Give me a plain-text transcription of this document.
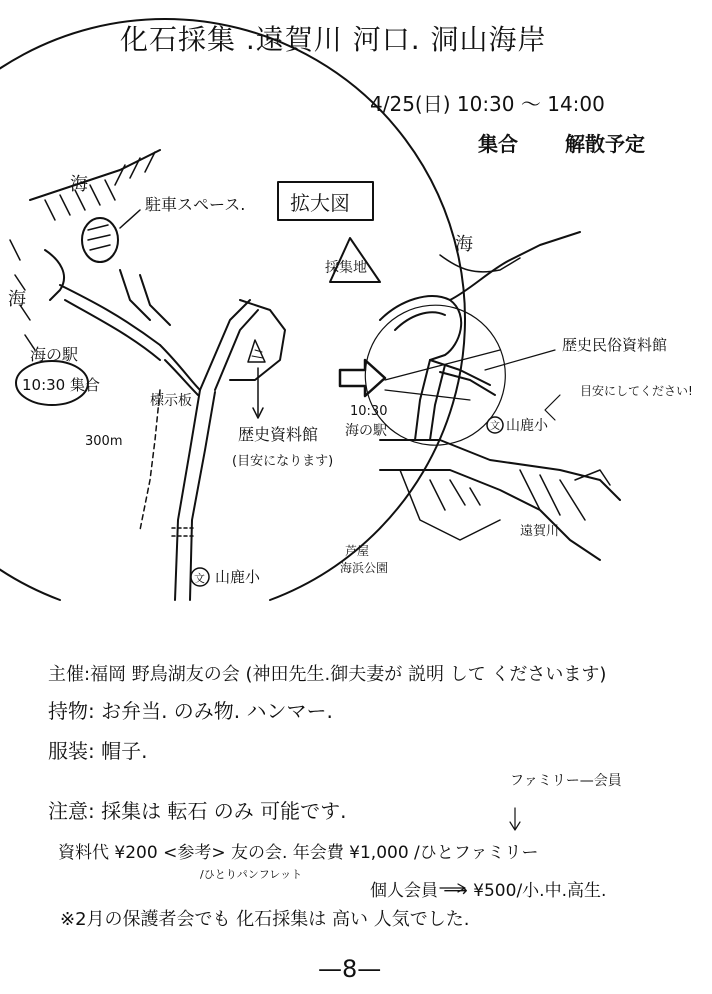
化石採集 .遠賀川 河口. 洞山海岸
4/25(日) 10:30 〜 14:00
集合 解散予定
海
海
駐車スペース.
海の駅
10:30 集合
標示板
300m	歴史資料館
(目安になります)
文 山鹿小
拡大図
海
採集地
歴史民俗資料館
目安にしてください!
文 山鹿小
10:30
海の駅
芦屋
海浜公園
遠賀川
主催:福岡 野鳥湖友の会 (神田先生.御夫妻が 説明 して くださいます)
持物: お弁当. のみ物. ハンマー.
服装: 帽子.
ファミリー—会員
注意: 採集は 転石 のみ 可能です.
資料代 ¥200 <参考> 友の会. 年会費 ¥1,000 /ひとファミリー
/ひとりパンフレット
個人会員 ⟶ ¥500/小.中.高生.
※2月の保護者会でも 化石採集は 高い 人気でした.
—8—
